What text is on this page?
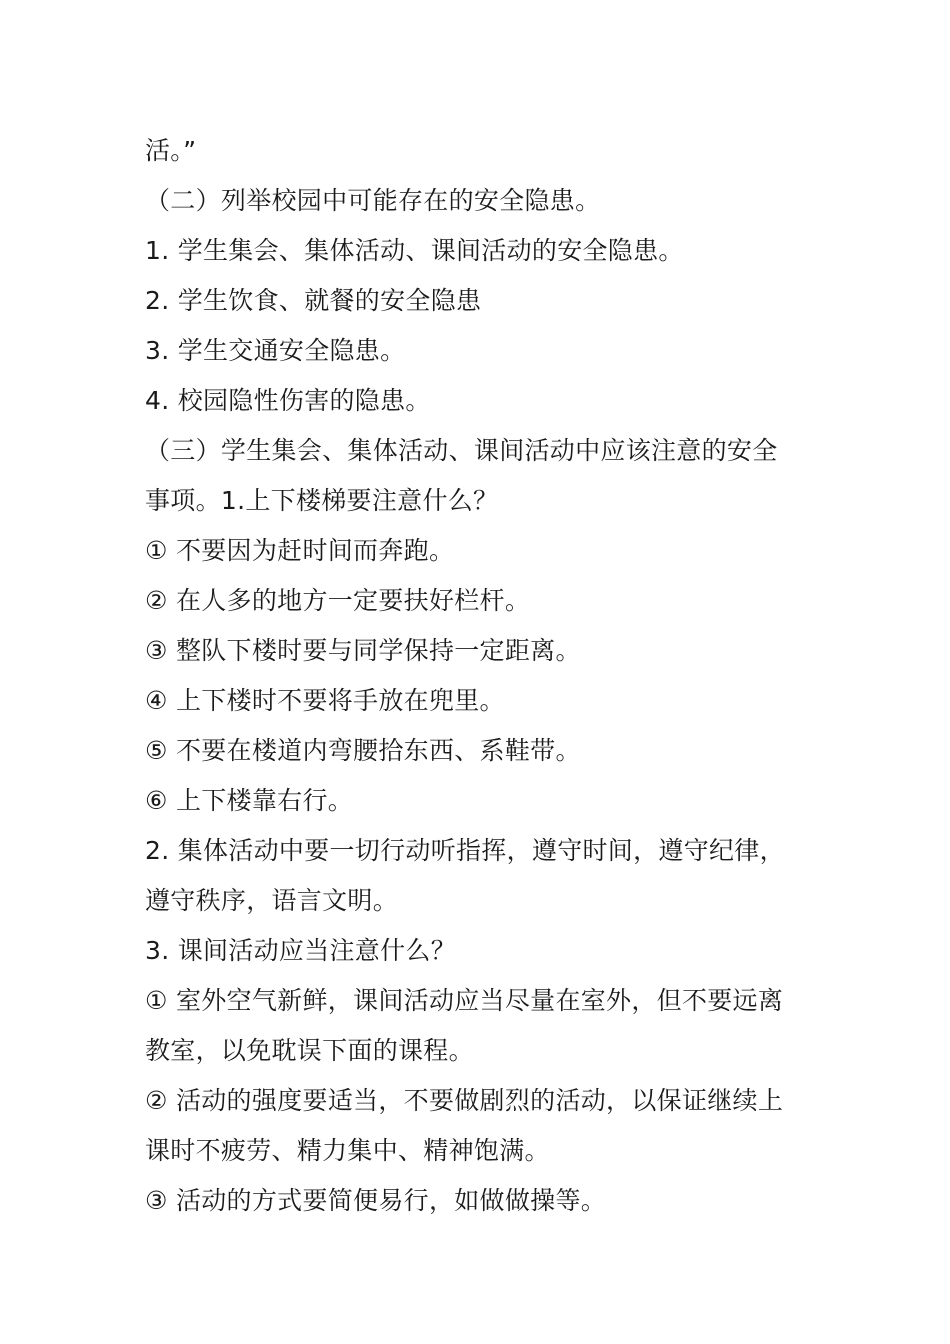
活。”
（二）列举校园中可能存在的安全隐患。
1. 学生集会、集体活动、课间活动的安全隐患。
2. 学生饮食、就餐的安全隐患
3. 学生交通安全隐患。
4. 校园隐性伤害的隐患。
（三）学生集会、集体活动、课间活动中应该注意的安全
事项。1.上下楼梯要注意什么？
① 不要因为赶时间而奔跑。
② 在人多的地方一定要扶好栏杆。
③ 整队下楼时要与同学保持一定距离。
④ 上下楼时不要将手放在兜里。
⑤ 不要在楼道内弯腰拾东西、系鞋带。
⑥ 上下楼靠右行。
2. 集体活动中要一切行动听指挥，遵守时间，遵守纪律，
遵守秩序，语言文明。
3. 课间活动应当注意什么？
① 室外空气新鲜，课间活动应当尽量在室外，但不要远离
教室，以免耽误下面的课程。
② 活动的强度要适当，不要做剧烈的活动，以保证继续上
课时不疲劳、精力集中、精神饱满。
③ 活动的方式要简便易行，如做做操等。
